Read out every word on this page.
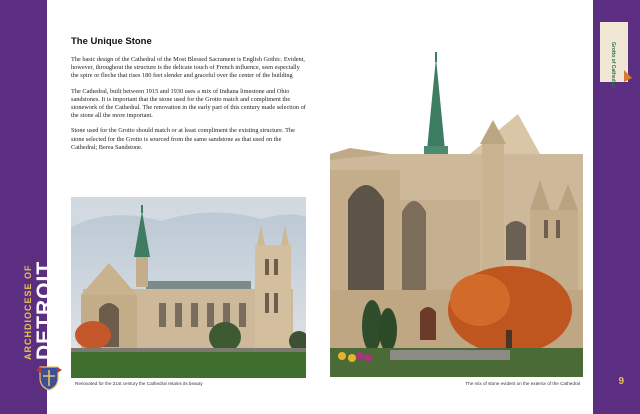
ARCHDIOCESE OF DETROIT
Grotto of Cathedral
The Unique Stone

The basic design of the Cathedral of the Most Blessed Sacrament is English Gothic. Evident, however, throughout the structure is the delicate touch of French influence, seen especially the spire or fleche that rises 180 feet slender and graceful over the center of the building

The Cathedral, built between 1915 and 1930 uses a mix of Indiana limestone and Ohio sandstones. It is important that the stone used for the Grotto match and compliment the stonework of the Cathedral. The renovation in the early part of this century made selection of the stone all the more important.

Stone used for the Grotto should match or at least compliment the existing structure. The stone selected for the Grotto is sourced from the same sandstone as that used on the Cathedral; Berea Sandstone.

Renovated for the 21st century the Cathedral retains its beauty	The mix of stone evident on the exterior of the Cathedral	9
